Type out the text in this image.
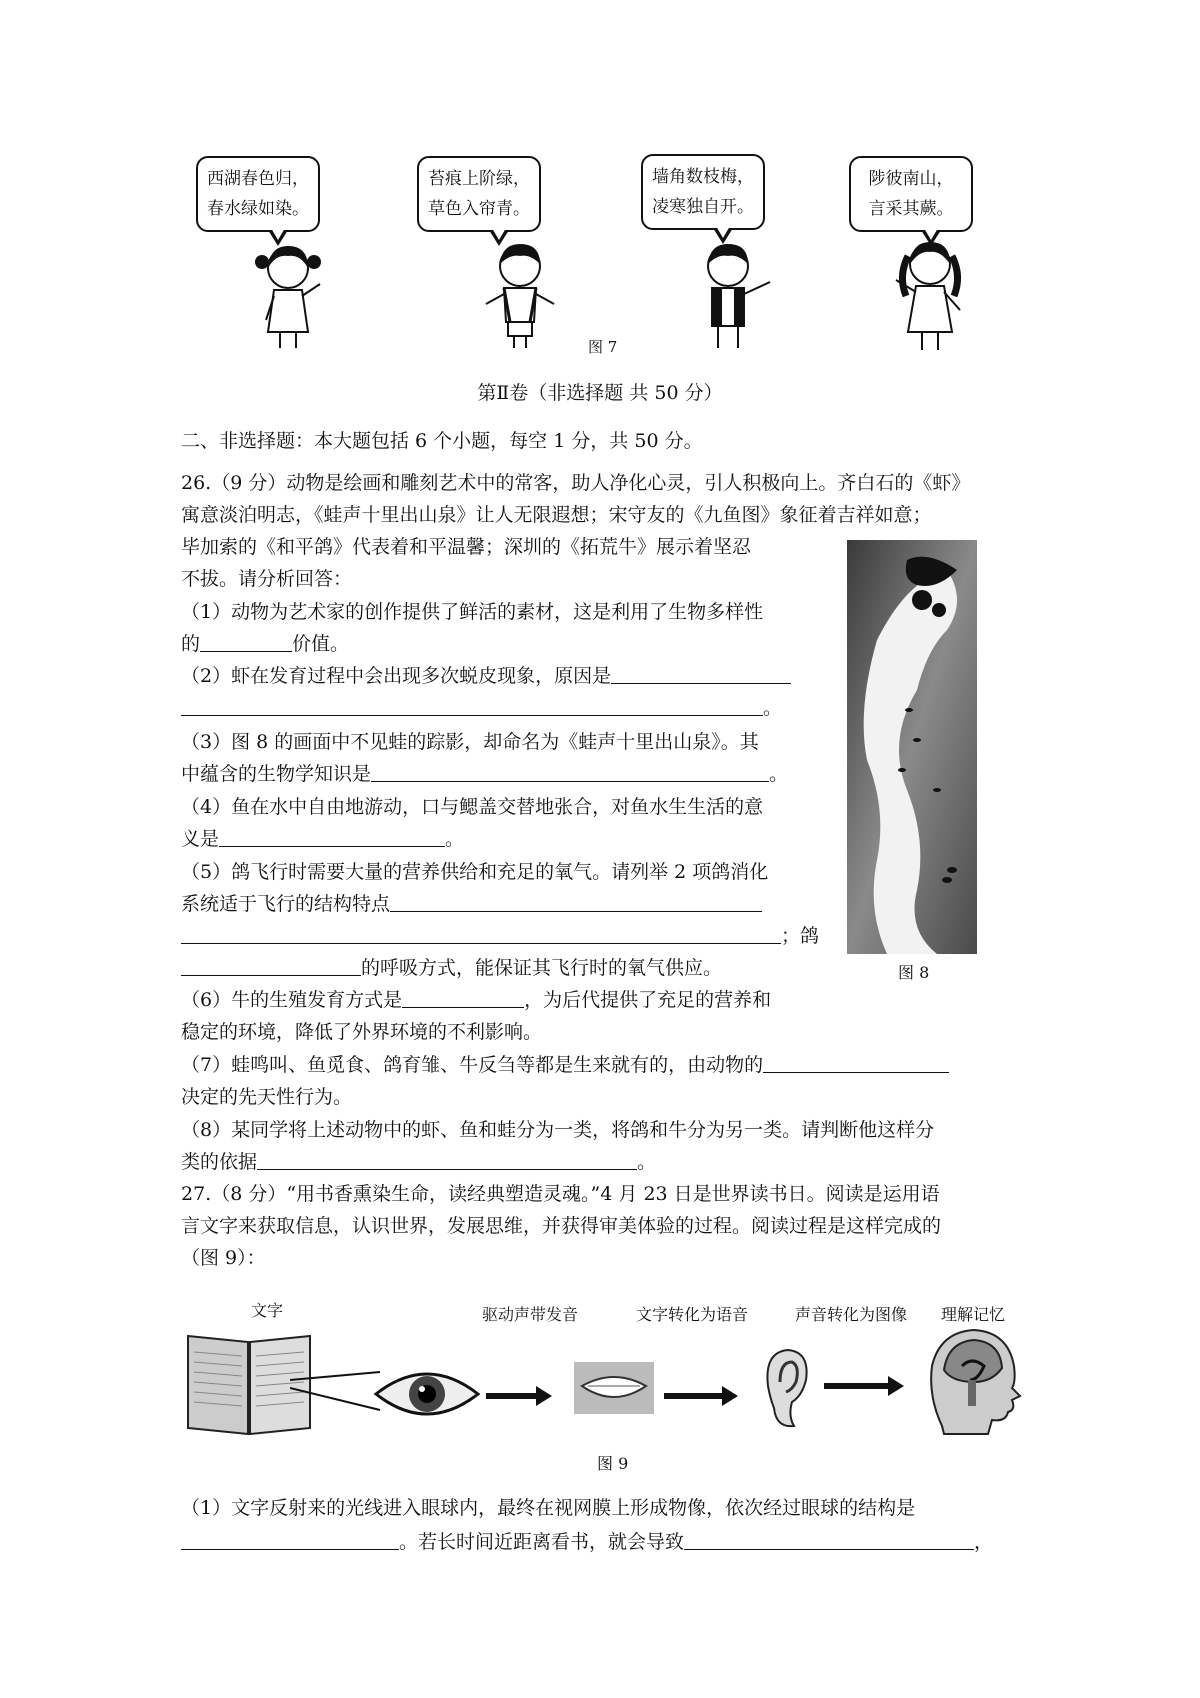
西湖春色归，
春水绿如染。
苔痕上阶绿，
草色入帘青。
墙角数枝梅，
凌寒独自开。
陟彼南山，
言采其蕨。
图 7
第Ⅱ卷（非选择题 共 50 分）
二、非选择题：本大题包括 6 个小题，每空 1 分，共 50 分。
26.（9 分）动物是绘画和雕刻艺术中的常客，助人净化心灵，引人积极向上。齐白石的《虾》
寓意淡泊明志，《蛙声十里出山泉》让人无限遐想；宋守友的《九鱼图》象征着吉祥如意；
毕加索的《和平鸽》代表着和平温馨；深圳的《拓荒牛》展示着坚忍
不拔。请分析回答：
（1）动物为艺术家的创作提供了鲜活的素材，这是利用了生物多样性
的	价值。
（2）虾在发育过程中会出现多次蜕皮现象，原因是
。
（3）图 8 的画面中不见蛙的踪影，却命名为《蛙声十里出山泉》。其
中蕴含的生物学知识是	。
（4）鱼在水中自由地游动，口与鳃盖交替地张合，对鱼水生生活的意
义是	。
（5）鸽飞行时需要大量的营养供给和充足的氧气。请列举 2 项鸽消化
系统适于飞行的结构特点
；鸽
的呼吸方式，能保证其飞行时的氧气供应。
（6）牛的生殖发育方式是	，为后代提供了充足的营养和
稳定的环境，降低了外界环境的不利影响。
（7）蛙鸣叫、鱼觅食、鸽育雏、牛反刍等都是生来就有的，由动物的
决定的先天性行为。
（8）某同学将上述动物中的虾、鱼和蛙分为一类，将鸽和牛分为另一类。请判断他这样分
类的依据	。
图 8
27.（8 分）“用书香熏染生命，读经典塑造灵魂。”4 月 23 日是世界读书日。阅读是运用语
言文字来获取信息，认识世界，发展思维，并获得审美体验的过程。阅读过程是这样完成的
（图 9）：
文字	驱动声带发音	文字转化为语音	声音转化为图像 理解记忆
图 9
（1）文字反射来的光线进入眼球内，最终在视网膜上形成物像，依次经过眼球的结构是
。若长时间近距离看书，就会导致	，
